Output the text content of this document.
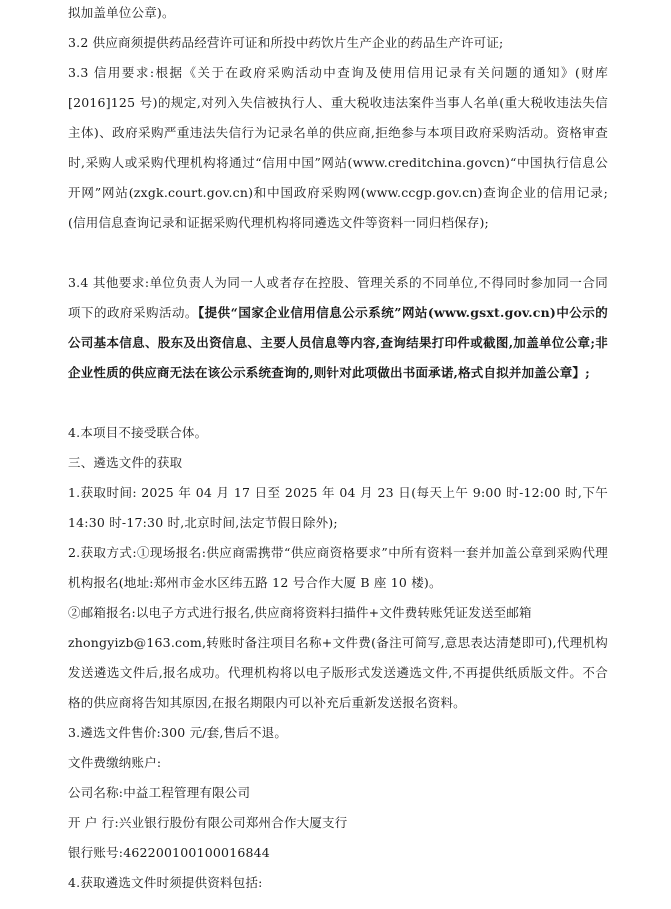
拟加盖单位公章)。
3.2 供应商须提供药品经营许可证和所投中药饮片生产企业的药品生产许可证;
3.3 信用要求:根据《关于在政府采购活动中查询及使用信用记录有关问题的通知》(财库[2016]125 号)的规定,对列入失信被执行人、重大税收违法案件当事人名单(重大税收违法失信主体)、政府采购严重违法失信行为记录名单的供应商,拒绝参与本项目政府采购活动。资格审查时,采购人或采购代理机构将通过“信用中国”网站(www.creditchina.govcn)“中国执行信息公开网”网站(zxgk.court.gov.cn)和中国政府采购网(www.ccgp.gov.cn)查询企业的信用记录;(信用信息查询记录和证据采购代理机构将同遴选文件等资料一同归档保存);
3.4 其他要求:单位负责人为同一人或者存在控股、管理关系的不同单位,不得同时参加同一合同项下的政府采购活动。【提供“国家企业信用信息公示系统”网站(www.gsxt.gov.cn)中公示的公司基本信息、股东及出资信息、主要人员信息等内容,查询结果打印件或截图,加盖单位公章;非企业性质的供应商无法在该公示系统查询的,则针对此项做出书面承诺,格式自拟并加盖公章】;
4.本项目不接受联合体。
三、遴选文件的获取
1.获取时间: 2025 年 04 月 17 日至 2025 年 04 月 23 日(每天上午 9:00 时-12:00 时,下午 14:30 时-17:30 时,北京时间,法定节假日除外);
2.获取方式:①现场报名:供应商需携带“供应商资格要求”中所有资料一套并加盖公章到采购代理机构报名(地址:郑州市金水区纬五路 12 号合作大厦 B 座 10 楼)。
②邮箱报名:以电子方式进行报名,供应商将资料扫描件+文件费转账凭证发送至邮箱
zhongyizb@163.com,转账时备注项目名称+文件费(备注可简写,意思表达清楚即可),代理机构发送遴选文件后,报名成功。代理机构将以电子版形式发送遴选文件,不再提供纸质版文件。不合格的供应商将告知其原因,在报名期限内可以补充后重新发送报名资料。
3.遴选文件售价:300 元/套,售后不退。
文件费缴纳账户:
公司名称:中益工程管理有限公司
开 户 行:兴业银行股份有限公司郑州合作大厦支行
银行账号:462200100100016844
4.获取遴选文件时须提供资料包括:
